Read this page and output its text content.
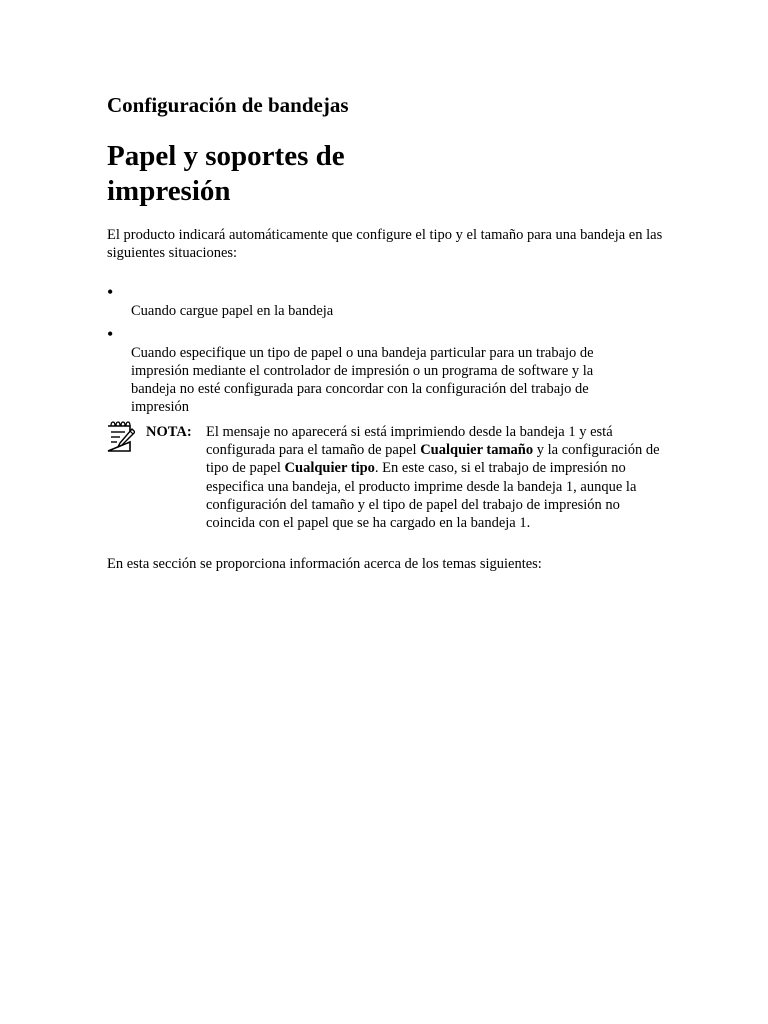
Configuración de bandejas
Papel y soportes de impresión

El producto indicará automáticamente que configure el tipo y el tamaño para una bandeja en las siguientes situaciones:

•
Cuando cargue papel en la bandeja
•
Cuando especifique un tipo de papel o una bandeja particular para un trabajo de impresión mediante el controlador de impresión o un programa de software y la bandeja no esté configurada para concordar con la configuración del trabajo de impresión
NOTA: El mensaje no aparecerá si está imprimiendo desde la bandeja 1 y está configurada para el tamaño de papel Cualquier tamaño y la configuración de tipo de papel Cualquier tipo. En este caso, si el trabajo de impresión no especifica una bandeja, el producto imprime desde la bandeja 1, aunque la configuración del tamaño y el tipo de papel del trabajo de impresión no coincida con el papel que se ha cargado en la bandeja 1.

En esta sección se proporciona información acerca de los temas siguientes:
